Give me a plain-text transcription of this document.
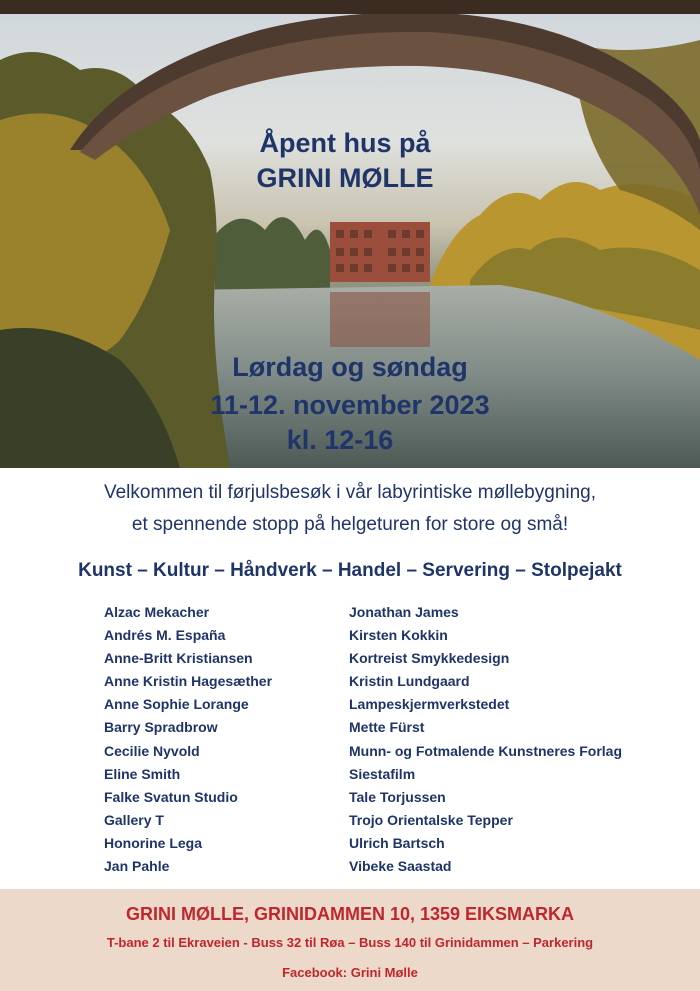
Åpent hus på
GRINI MØLLE
Lørdag og søndag
11-12. november 2023
kl. 12-16
Velkommen til førjulsbesøk i vår labyrintiske møllebygning,
et spennende stopp på helgeturen for store og små!
Kunst – Kultur – Håndverk – Handel – Servering – Stolpejakt
Alzac Mekacher
Andrés M. España
Anne-Britt Kristiansen
Anne Kristin Hagesæther
Anne Sophie Lorange
Barry Spradbrow
Cecilie Nyvold
Eline Smith
Falke Svatun Studio
Gallery T
Honorine Lega
Jan Pahle
Jonathan James
Kirsten Kokkin
Kortreist Smykkedesign
Kristin Lundgaard
Lampeskjermverkstedet
Mette Fürst
Munn- og Fotmalende Kunstneres Forlag
Siestafilm
Tale Torjussen
Trojo Orientalske Tepper
Ulrich Bartsch
Vibeke Saastad
GRINI MØLLE, GRINIDAMMEN 10, 1359 EIKSMARKA
T-bane 2 til Ekraveien - Buss 32 til Røa – Buss 140 til Grinidammen – Parkering
Facebook: Grini Mølle
